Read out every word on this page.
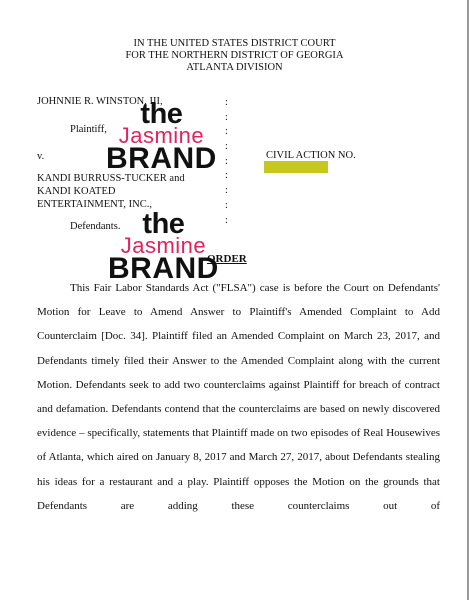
IN THE UNITED STATES DISTRICT COURT
FOR THE NORTHERN DISTRICT OF GEORGIA
ATLANTA DIVISION
JOHNNIE R. WINSTON, III,
Plaintiff,
v.
KANDI BURRUSS-TUCKER and
KANDI KOATED
ENTERTAINMENT, INC.,
Defendants.
:
:
:
:
:
:
:
:
:
CIVIL ACTION NO.
the
Jasmine
BRAND
the
Jasmine
BRAND
ORDER

This Fair Labor Standards Act ("FLSA") case is before the Court on Defendants' Motion for Leave to Amend Answer to Plaintiff's Amended Complaint to Add Counterclaim [Doc. 34]. Plaintiff filed an Amended Complaint on March 23, 2017, and Defendants timely filed their Answer to the Amended Complaint along with the current Motion. Defendants seek to add two counterclaims against Plaintiff for breach of contract and defamation. Defendants contend that the counterclaims are based on newly discovered evidence – specifically, statements that Plaintiff made on two episodes of Real Housewives of Atlanta, which aired on January 8, 2017 and March 27, 2017, about Defendants stealing his ideas for a restaurant and a play. Plaintiff opposes the Motion on the grounds that Defendants are adding these counterclaims out of
